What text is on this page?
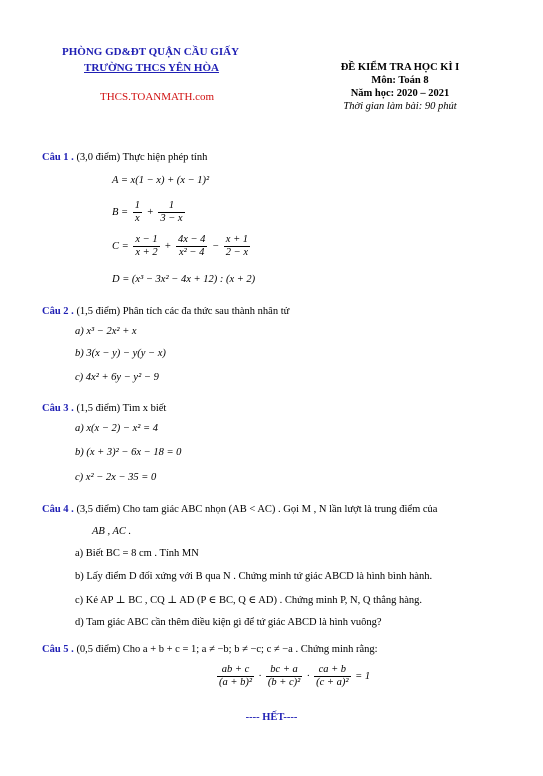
PHÒNG GD&ĐT QUẬN CẦU GIẤY
TRƯỜNG THCS YÊN HÒA
THCS.TOANMATH.com
ĐỀ KIỂM TRA HỌC KÌ I
Môn: Toán 8
Năm học: 2020 – 2021
Thời gian làm bài: 90 phút
Câu 1 . (3,0 điểm) Thực hiện phép tính
A = x(1 − x) + (x − 1)²
$B = \frac{1}{x} + \frac{1}{3 - x}$
$C = \frac{x - 1}{x + 2} + \frac{4x - 4}{\text{x² − 4}} - \frac{x + 1}{2 - x}$
D = (x³ − 3x² − 4x + 12) : (x + 2)
Câu 2 . (1,5 điểm) Phân tích các đa thức sau thành nhân tử
a) x³ − 2x² + x
b) 3(x − y) − y(y − x)
c) 4x² + 6y − y² − 9
Câu 3 . (1,5 điểm) Tìm x biết
a) x(x − 2) − x² = 4
b) (x + 3)² − 6x − 18 = 0
c) x² − 2x − 35 = 0
Câu 4 . (3,5 điểm) Cho tam giác ABC nhọn (AB < AC) . Gọi M , N lần lượt là trung điểm của
AB , AC .
a) Biết BC = 8 cm . Tính MN
b) Lấy điểm D đối xứng với B qua N . Chứng minh tứ giác ABCD là hình bình hành.
c) Kẻ AP ⊥ BC , CQ ⊥ AD (P ∈ BC, Q ∈ AD) . Chứng minh P, N, Q thẳng hàng.
d) Tam giác ABC cần thêm điều kiện gì để tứ giác ABCD là hình vuông?
Câu 5 . (0,5 điểm) Cho a + b + c = 1; a ≠ −b; b ≠ −c; c ≠ −a . Chứng minh rằng:
$\frac{ab + c}{\text{(a + b)²}} \cdot \frac{bc + a}{\text{(b + c)²}} \cdot \frac{ca + b}{\text{(c + a)²}} = 1$
---- HẾT----
